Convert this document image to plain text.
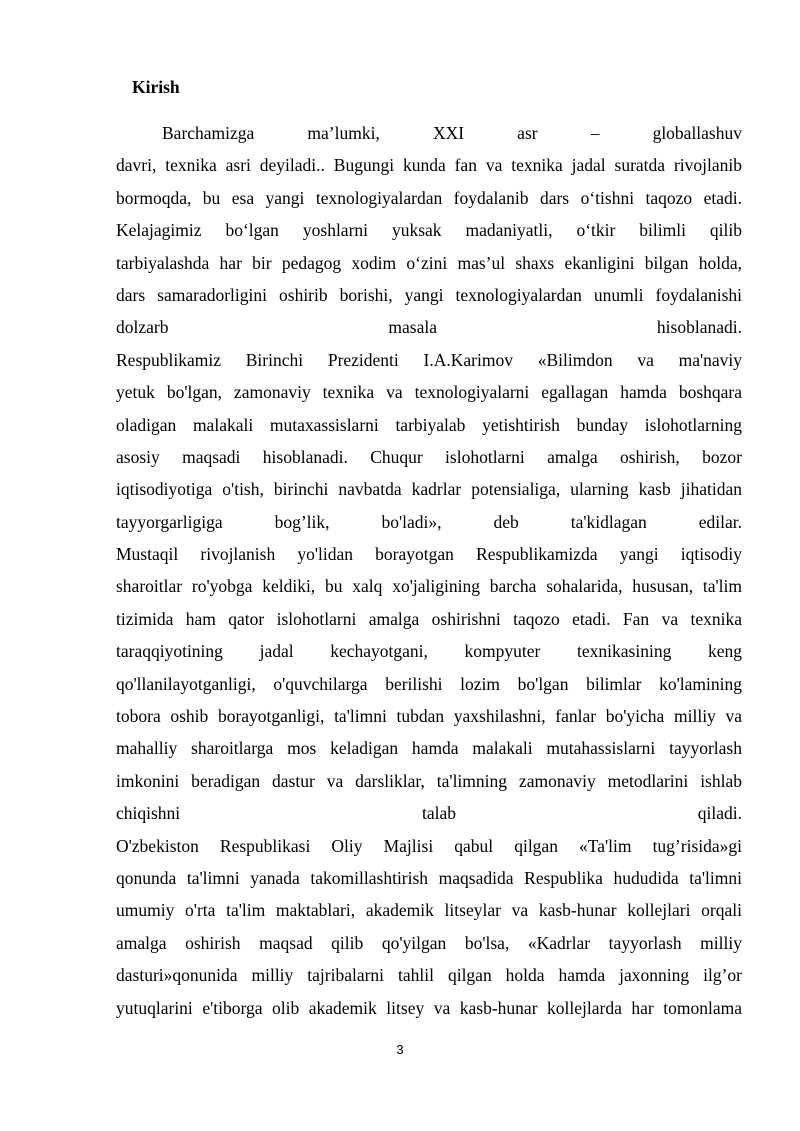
Kirish
Barchamizga ma’lumki, XXI asr – globallashuv
davri, texnika asri deyiladi.. Bugungi kunda fan va texnika jadal suratda rivojlanib
bormoqda, bu esa yangi texnologiyalardan foydalanib dars o‘tishni taqozo etadi.
Kelajagimiz bo‘lgan yoshlarni yuksak madaniyatli, o‘tkir bilimli qilib
tarbiyalashda har bir pedagog xodim o‘zini mas’ul shaxs ekanligini bilgan holda,
dars samaradorligini oshirib borishi, yangi texnologiyalardan unumli foydalanishi
dolzarb masala hisoblanadi.
Respublikamiz Birinchi Prezidenti I.A.Karimov «Bilimdon va ma'naviy
yetuk bo'lgan, zamonaviy texnika va texnologiyalarni egallagan hamda boshqara
oladigan malakali mutaxassislarni tarbiyalab yetishtirish bunday islohotlarning
asosiy maqsadi hisoblanadi. Chuqur islohotlarni amalga oshirish, bozor
iqtisodiyotiga o'tish, birinchi navbatda kadrlar potensialiga, ularning kasb jihatidan
tayyorgarligiga bog’lik, bo'ladi», deb ta'kidlagan edilar.
Mustaqil rivojlanish yo'lidan borayotgan Respublikamizda yangi iqtisodiy
sharoitlar ro'yobga keldiki, bu xalq xo'jaligining barcha sohalarida, hususan, ta'lim
tizimida ham qator islohotlarni amalga oshirishni taqozo etadi. Fan va texnika
taraqqiyotining jadal kechayotgani, kompyuter texnikasining keng
qo'llanilayotganligi, o'quvchilarga berilishi lozim bo'lgan bilimlar ko'lamining
tobora oshib borayotganligi, ta'limni tubdan yaxshilashni, fanlar bo'yicha milliy va
mahalliy sharoitlarga mos keladigan hamda malakali mutahassislarni tayyorlash
imkonini beradigan dastur va darsliklar, ta'limning zamonaviy metodlarini ishlab
chiqishni talab qiladi.
O'zbekiston Respublikasi Oliy Majlisi qabul qilgan «Ta'lim tug’risida»gi
qonunda ta'limni yanada takomillashtirish maqsadida Respublika hududida ta'limni
umumiy o'rta ta'lim maktablari, akademik litseylar va kasb-hunar kollejlari orqali
amalga oshirish maqsad qilib qo'yilgan bo'lsa, «Kadrlar tayyorlash milliy
dasturi»qonunida milliy tajribalarni tahlil qilgan holda hamda jaxonning ilg’or
yutuqlarini e'tiborga olib akademik litsey va kasb-hunar kollejlarda har tomonlama
3
